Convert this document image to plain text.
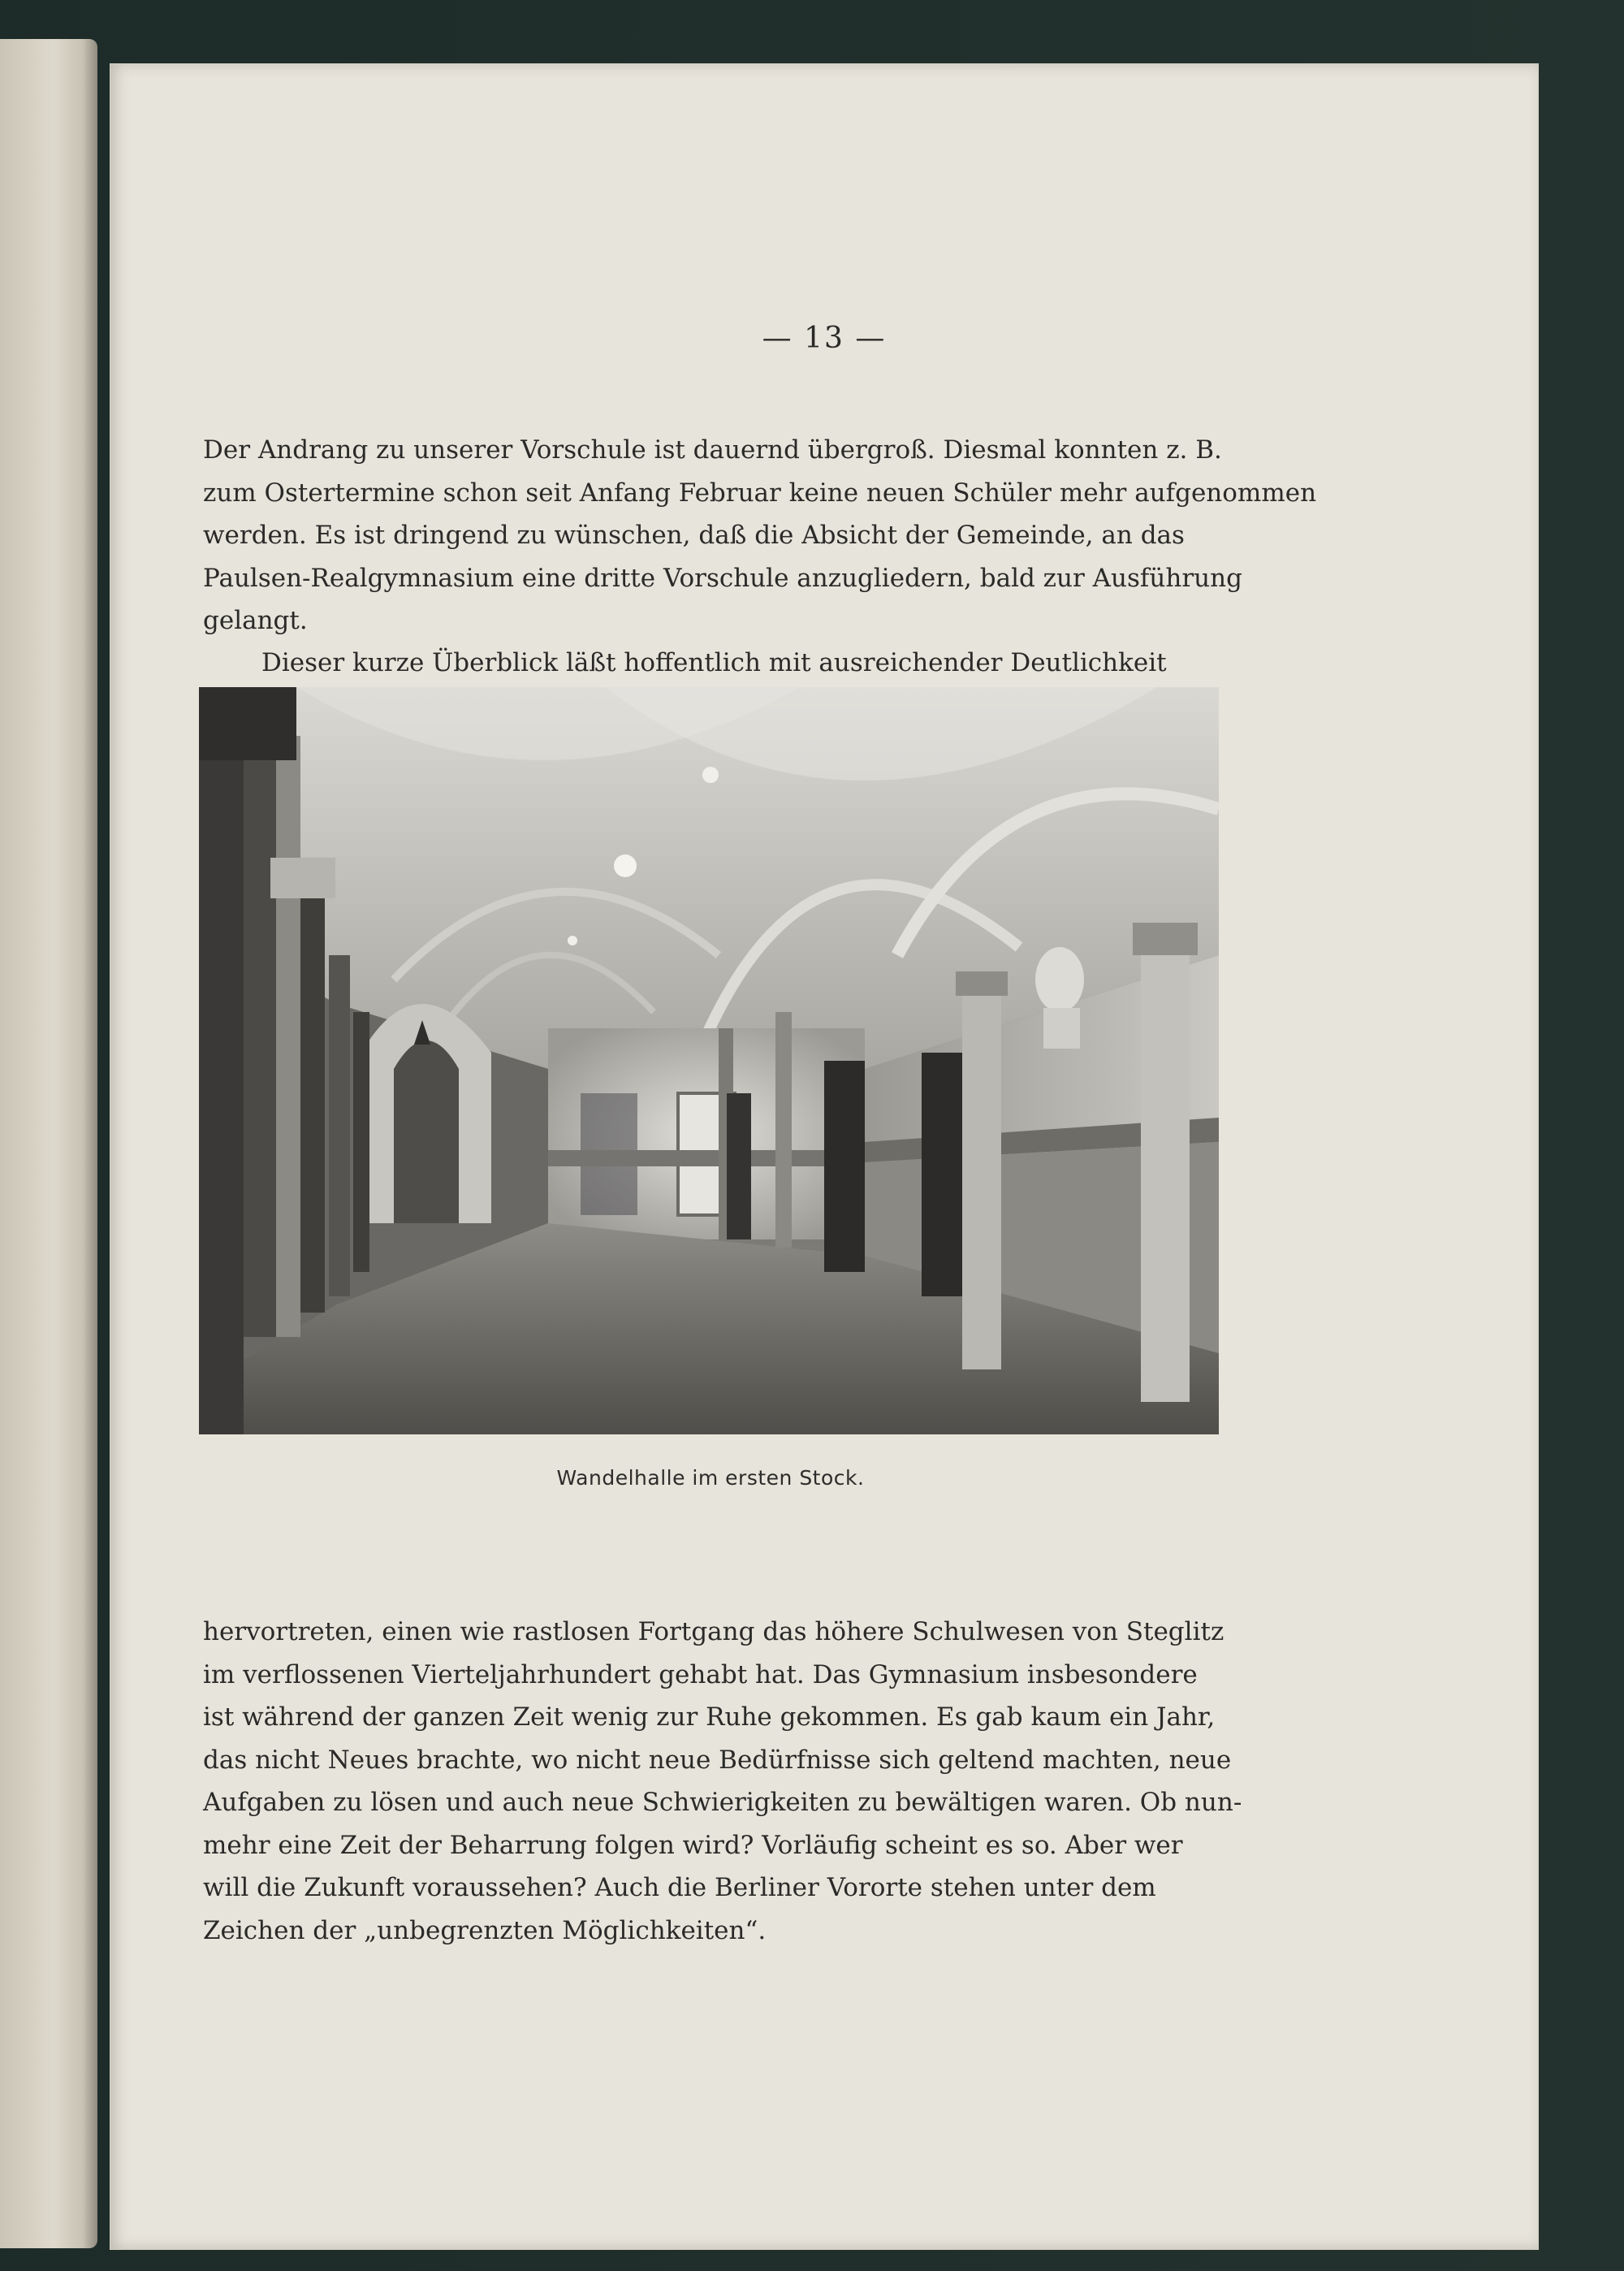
— 13 —

Der Andrang zu unserer Vorschule ist dauernd übergroß. Diesmal konnten z. B.
zum Ostertermine schon seit Anfang Februar keine neuen Schüler mehr aufgenommen
werden. Es ist dringend zu wünschen, daß die Absicht der Gemeinde, an das
Paulsen-Realgymnasium eine dritte Vorschule anzugliedern, bald zur Ausführung
gelangt.

Dieser kurze Überblick läßt hoffentlich mit ausreichender Deutlichkeit

Wandelhalle im ersten Stock.

hervortreten, einen wie rastlosen Fortgang das höhere Schulwesen von Steglitz
im verflossenen Vierteljahrhundert gehabt hat. Das Gymnasium insbesondere
ist während der ganzen Zeit wenig zur Ruhe gekommen. Es gab kaum ein Jahr,
das nicht Neues brachte, wo nicht neue Bedürfnisse sich geltend machten, neue
Aufgaben zu lösen und auch neue Schwierigkeiten zu bewältigen waren. Ob nun-
mehr eine Zeit der Beharrung folgen wird? Vorläufig scheint es so. Aber wer
will die Zukunft voraussehen? Auch die Berliner Vororte stehen unter dem
Zeichen der „unbegrenzten Möglichkeiten“.
